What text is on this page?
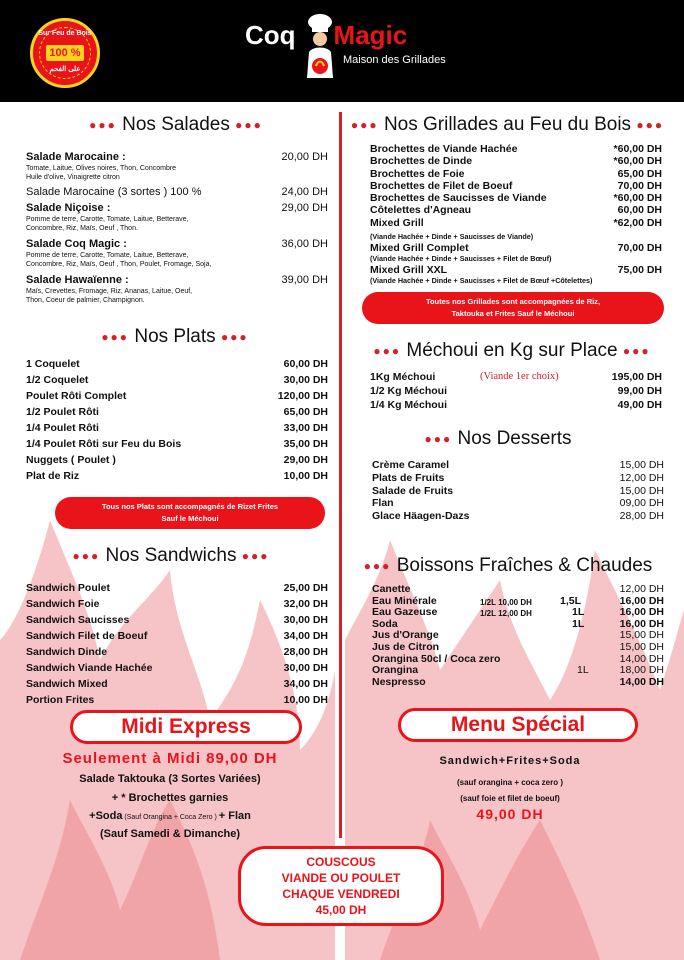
Sur Feu de Bois
100 %
على الفحم
Coq Magic
Maison des Grillades
●●● Nos Salades ●●●
Salade Marocaine :	20,00 DH
Tomate, Laitue, Olives noires, Thon, Concombre
Huile d'olive, Vinaigrette citron
Salade Marocaine (3 sortes ) 100 %	24,00 DH
Salade Niçoise :	29,00 DH
Pomme de terre, Carotte, Tomate, Laitue, Betterave,
Concombre, Riz, Maïs, Oeuf , Thon.
Salade Coq Magic :	36,00 DH
Pomme de terre, Carotte, Tomate, Laitue, Betterave,
Concombre, Riz, Maïs, Oeuf , Thon, Poulet, Fromage, Soja,
Salade Hawaïenne :	39,00 DH
Maïs, Crevettes, Fromage, Riz, Ananas, Laitue, Oeuf,
Thon, Coeur de palmier, Champignon.
●●● Nos Plats ●●●
1 Coquelet	60,00 DH
1/2 Coquelet	30,00 DH
Poulet Rôti Complet	120,00 DH
1/2 Poulet Rôti	65,00 DH
1/4 Poulet Rôti	33,00 DH
1/4 Poulet Rôti sur Feu du Bois	35,00 DH
Nuggets ( Poulet )	29,00 DH
Plat de Riz	10,00 DH
Tous nos Plats sont accompagnés de Rizet Frites
Sauf le Méchoui
●●● Nos Sandwichs ●●●
Sandwich Poulet	25,00 DH
Sandwich Foie	32,00 DH
Sandwich Saucisses	30,00 DH
Sandwich Filet de Boeuf	34,00 DH
Sandwich Dinde	28,00 DH
Sandwich Viande Hachée	30,00 DH
Sandwich Mixed	34,00 DH
Portion Frites	10,00 DH
Midi Express
Seulement à Midi 89,00 DH
Salade Taktouka (3 Sortes Variées)
+ * Brochettes garnies
+Soda (Sauf Orangina + Coca Zero ) + Flan
(Sauf Samedi & Dimanche)
●●● Nos Grillades au Feu du Bois ●●●
Brochettes de Viande Hachée	*60,00 DH
Brochettes de Dinde	*60,00 DH
Brochettes de Foie	65,00 DH
Brochettes de Filet de Boeuf	70,00 DH
Brochettes de Saucisses de Viande	*60,00 DH
Côtelettes d'Agneau	60,00 DH
Mixed Grill	*62,00 DH
(Viande Hachée + Dinde + Saucisses de Viande)
Mixed Grill Complet	70,00 DH
(Viande Hachée + Dinde + Saucisses + Filet de Bœuf)
Mixed Grill XXL	75,00 DH
(Viande Hachée + Dinde + Saucisses + Filet de Bœuf +Côtelettes)
Toutes nos Grillades sont accompagnées de Riz,
Taktouka et Frites Sauf le Méchoui
●●● Méchoui en Kg sur Place ●●●
1Kg Méchoui	(Viande 1er choix)	195,00 DH
1/2 Kg Méchoui	99,00 DH
1/4 Kg Méchoui	49,00 DH
●●● Nos Desserts
Crème Caramel	15,00 DH
Plats de Fruits	12,00 DH
Salade de Fruits	15,00 DH
Flan	09,00 DH
Glace Häagen-Dazs	28,00 DH
●●● Boissons Fraîches & Chaudes
Canette	12,00 DH
Eau Minérale	1/2L 10,00 DH	1,5L	16,00 DH
Eau Gazeuse	1/2L 12,00 DH	1L	16,00 DH
Soda	1L	16,00 DH
Jus d'Orange	15,00 DH
Jus de Citron	15,00 DH
Orangina 50cl / Coca zero	14,00 DH
Orangina	1L	18,00 DH
Nespresso	14,00 DH
Menu Spécial
Sandwich+Frites+Soda
(sauf orangina + coca zero )
(sauf foie et filet de boeuf)
49,00 DH
COUSCOUS
VIANDE OU POULET
CHAQUE VENDREDI
45,00 DH
